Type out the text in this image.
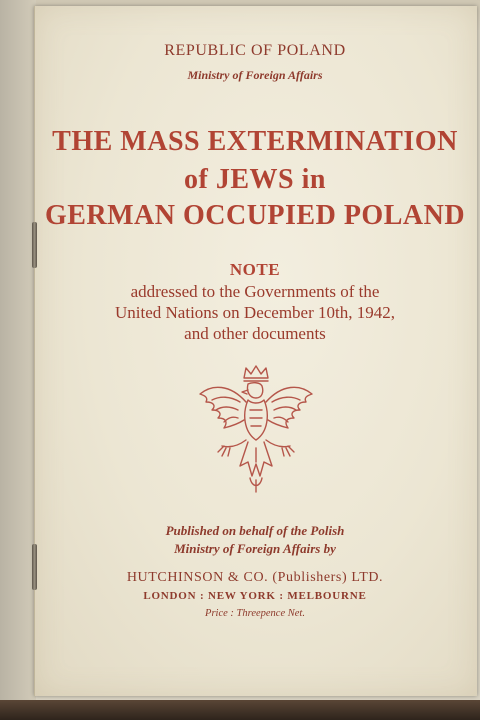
REPUBLIC OF POLAND
Ministry of Foreign Affairs
THE MASS EXTERMINATION
of JEWS in
GERMAN OCCUPIED POLAND
NOTE
addressed to the Governments of the
United Nations on December 10th, 1942,
and other documents
Published on behalf of the Polish
Ministry of Foreign Affairs by
HUTCHINSON & CO. (Publishers) LTD.
LONDON : NEW YORK : MELBOURNE
Price : Threepence Net.
